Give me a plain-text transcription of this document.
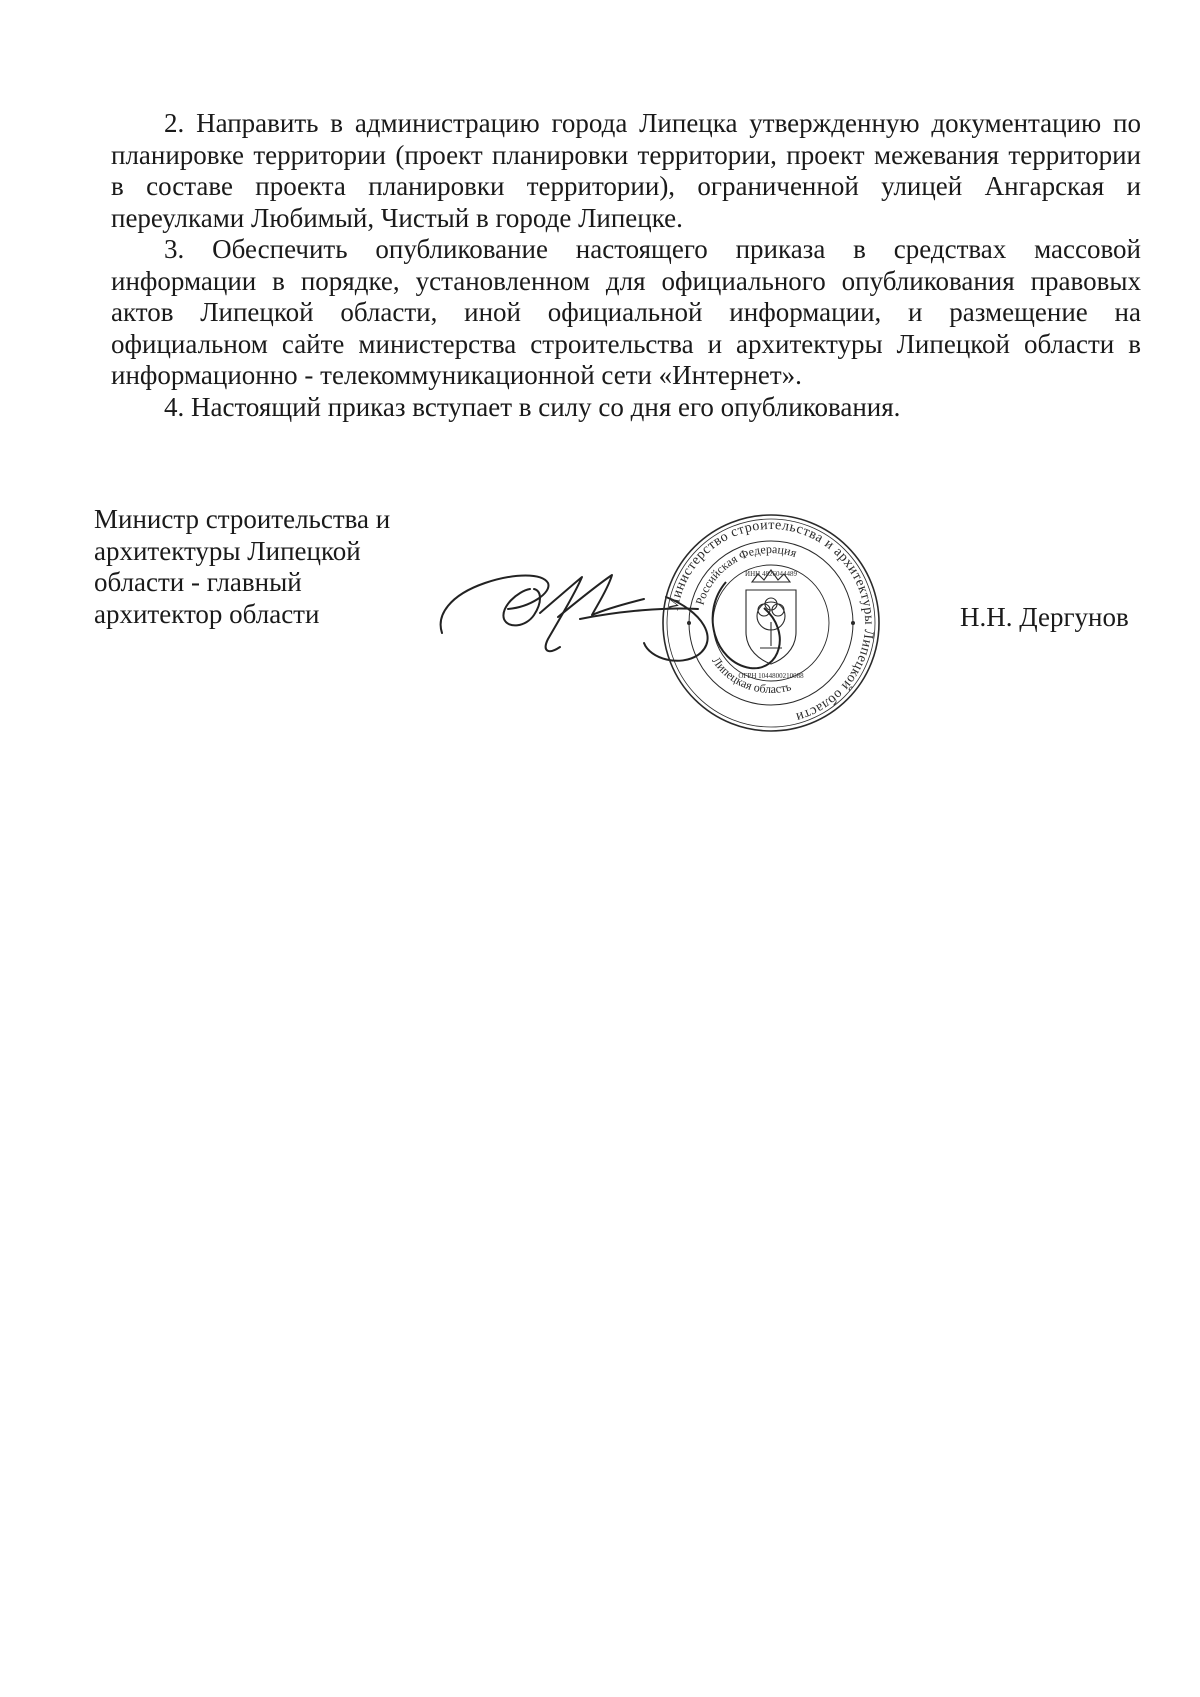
2. Направить в администрацию города Липецка утвержденную документацию по планировке территории (проект планировки территории, проект межевания территории в составе проекта планировки территории), ограниченной улицей Ангарская и переулками Любимый, Чистый в городе Липецке.

3. Обеспечить опубликование настоящего приказа в средствах массовой информации в порядке, установленном для официального опубликования правовых актов Липецкой области, иной официальной информации, и размещение на официальном сайте министерства строительства и архитектуры Липецкой области в информационно - телекоммуникационной сети «Интернет».

4. Настоящий приказ вступает в силу со дня его опубликования.

Министр строительства и
архитектуры Липецкой
области - главный
архитектор области	Министерство строительства и архитектуры Липецкой области
Российская Федерация
Липецкая область
ИНН 4826044489
ОГРН 1044800210088
Н.Н. Дергунов
